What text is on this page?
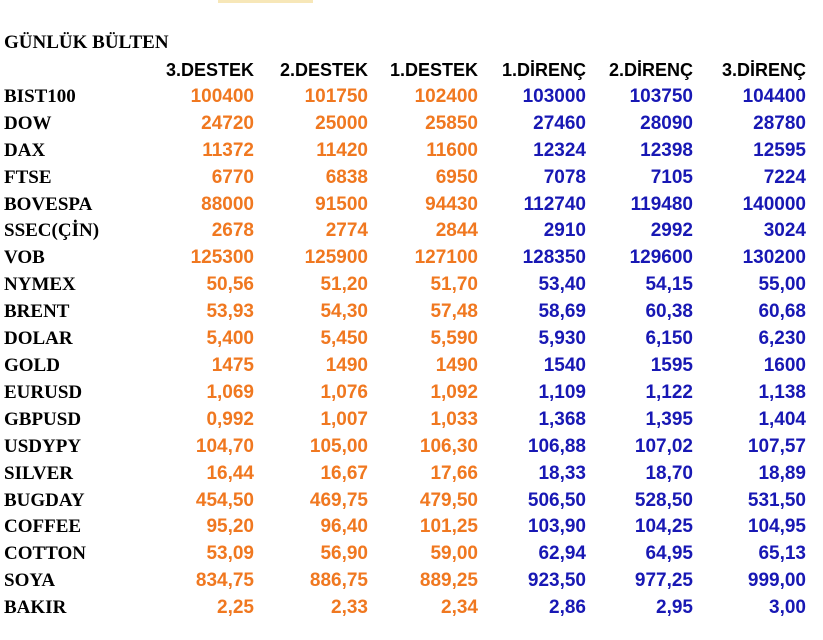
GÜNLÜK BÜLTEN
	3.DESTEK	2.DESTEK	1.DESTEK	1.DİRENÇ	2.DİRENÇ	3.DİRENÇ
BIST100	100400	101750	102400	103000	103750	104400
DOW	24720	25000	25850	27460	28090	28780
DAX	11372	11420	11600	12324	12398	12595
FTSE	6770	6838	6950	7078	7105	7224
BOVESPA	88000	91500	94430	112740	119480	140000
SSEC(ÇİN)	2678	2774	2844	2910	2992	3024
VOB	125300	125900	127100	128350	129600	130200
NYMEX	50,56	51,20	51,70	53,40	54,15	55,00
BRENT	53,93	54,30	57,48	58,69	60,38	60,68
DOLAR	5,400	5,450	5,590	5,930	6,150	6,230
GOLD	1475	1490	1490	1540	1595	1600
EURUSD	1,069	1,076	1,092	1,109	1,122	1,138
GBPUSD	0,992	1,007	1,033	1,368	1,395	1,404
USDYPY	104,70	105,00	106,30	106,88	107,02	107,57
SILVER	16,44	16,67	17,66	18,33	18,70	18,89
BUGDAY	454,50	469,75	479,50	506,50	528,50	531,50
COFFEE	95,20	96,40	101,25	103,90	104,25	104,95
COTTON	53,09	56,90	59,00	62,94	64,95	65,13
SOYA	834,75	886,75	889,25	923,50	977,25	999,00
BAKIR	2,25	2,33	2,34	2,86	2,95	3,00
